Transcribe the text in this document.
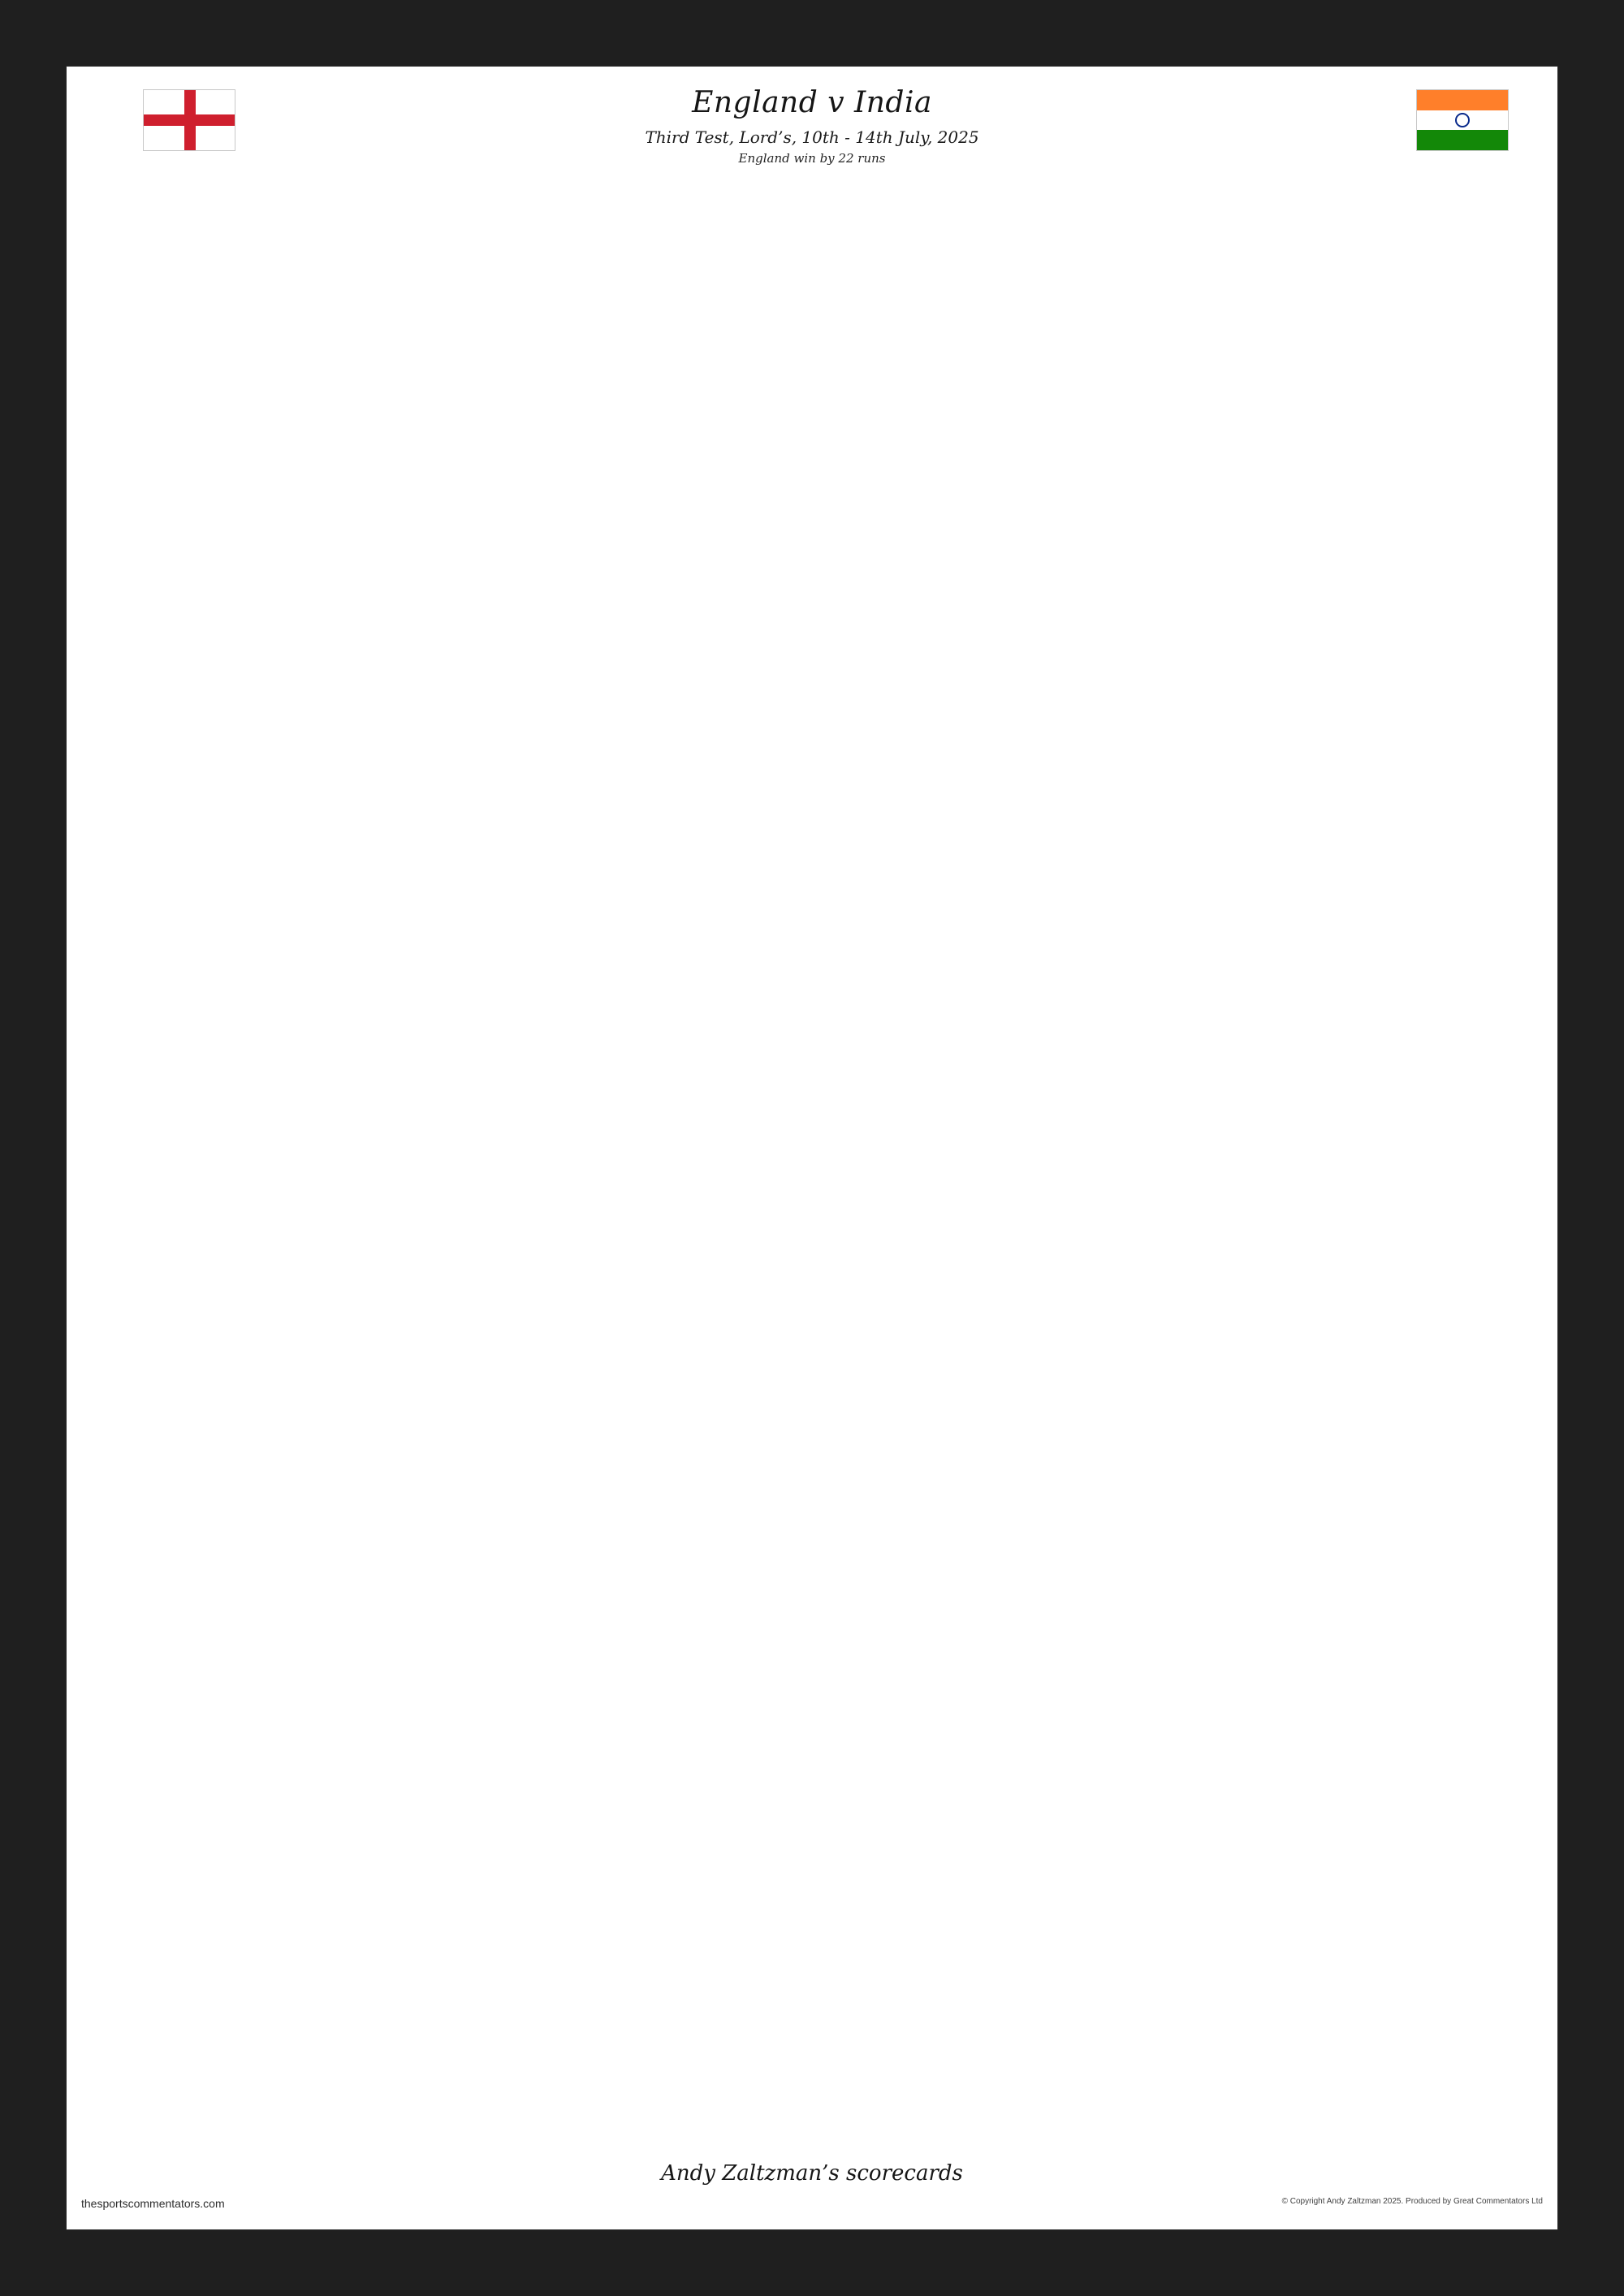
England v India
Third Test, Lord’s, 10th - 14th July, 2025
England win by 22 runs
Andy Zaltzman’s scorecards
thesportscommentators.com	© Copyright Andy Zaltzman 2025. Produced by Great Commentators Ltd
